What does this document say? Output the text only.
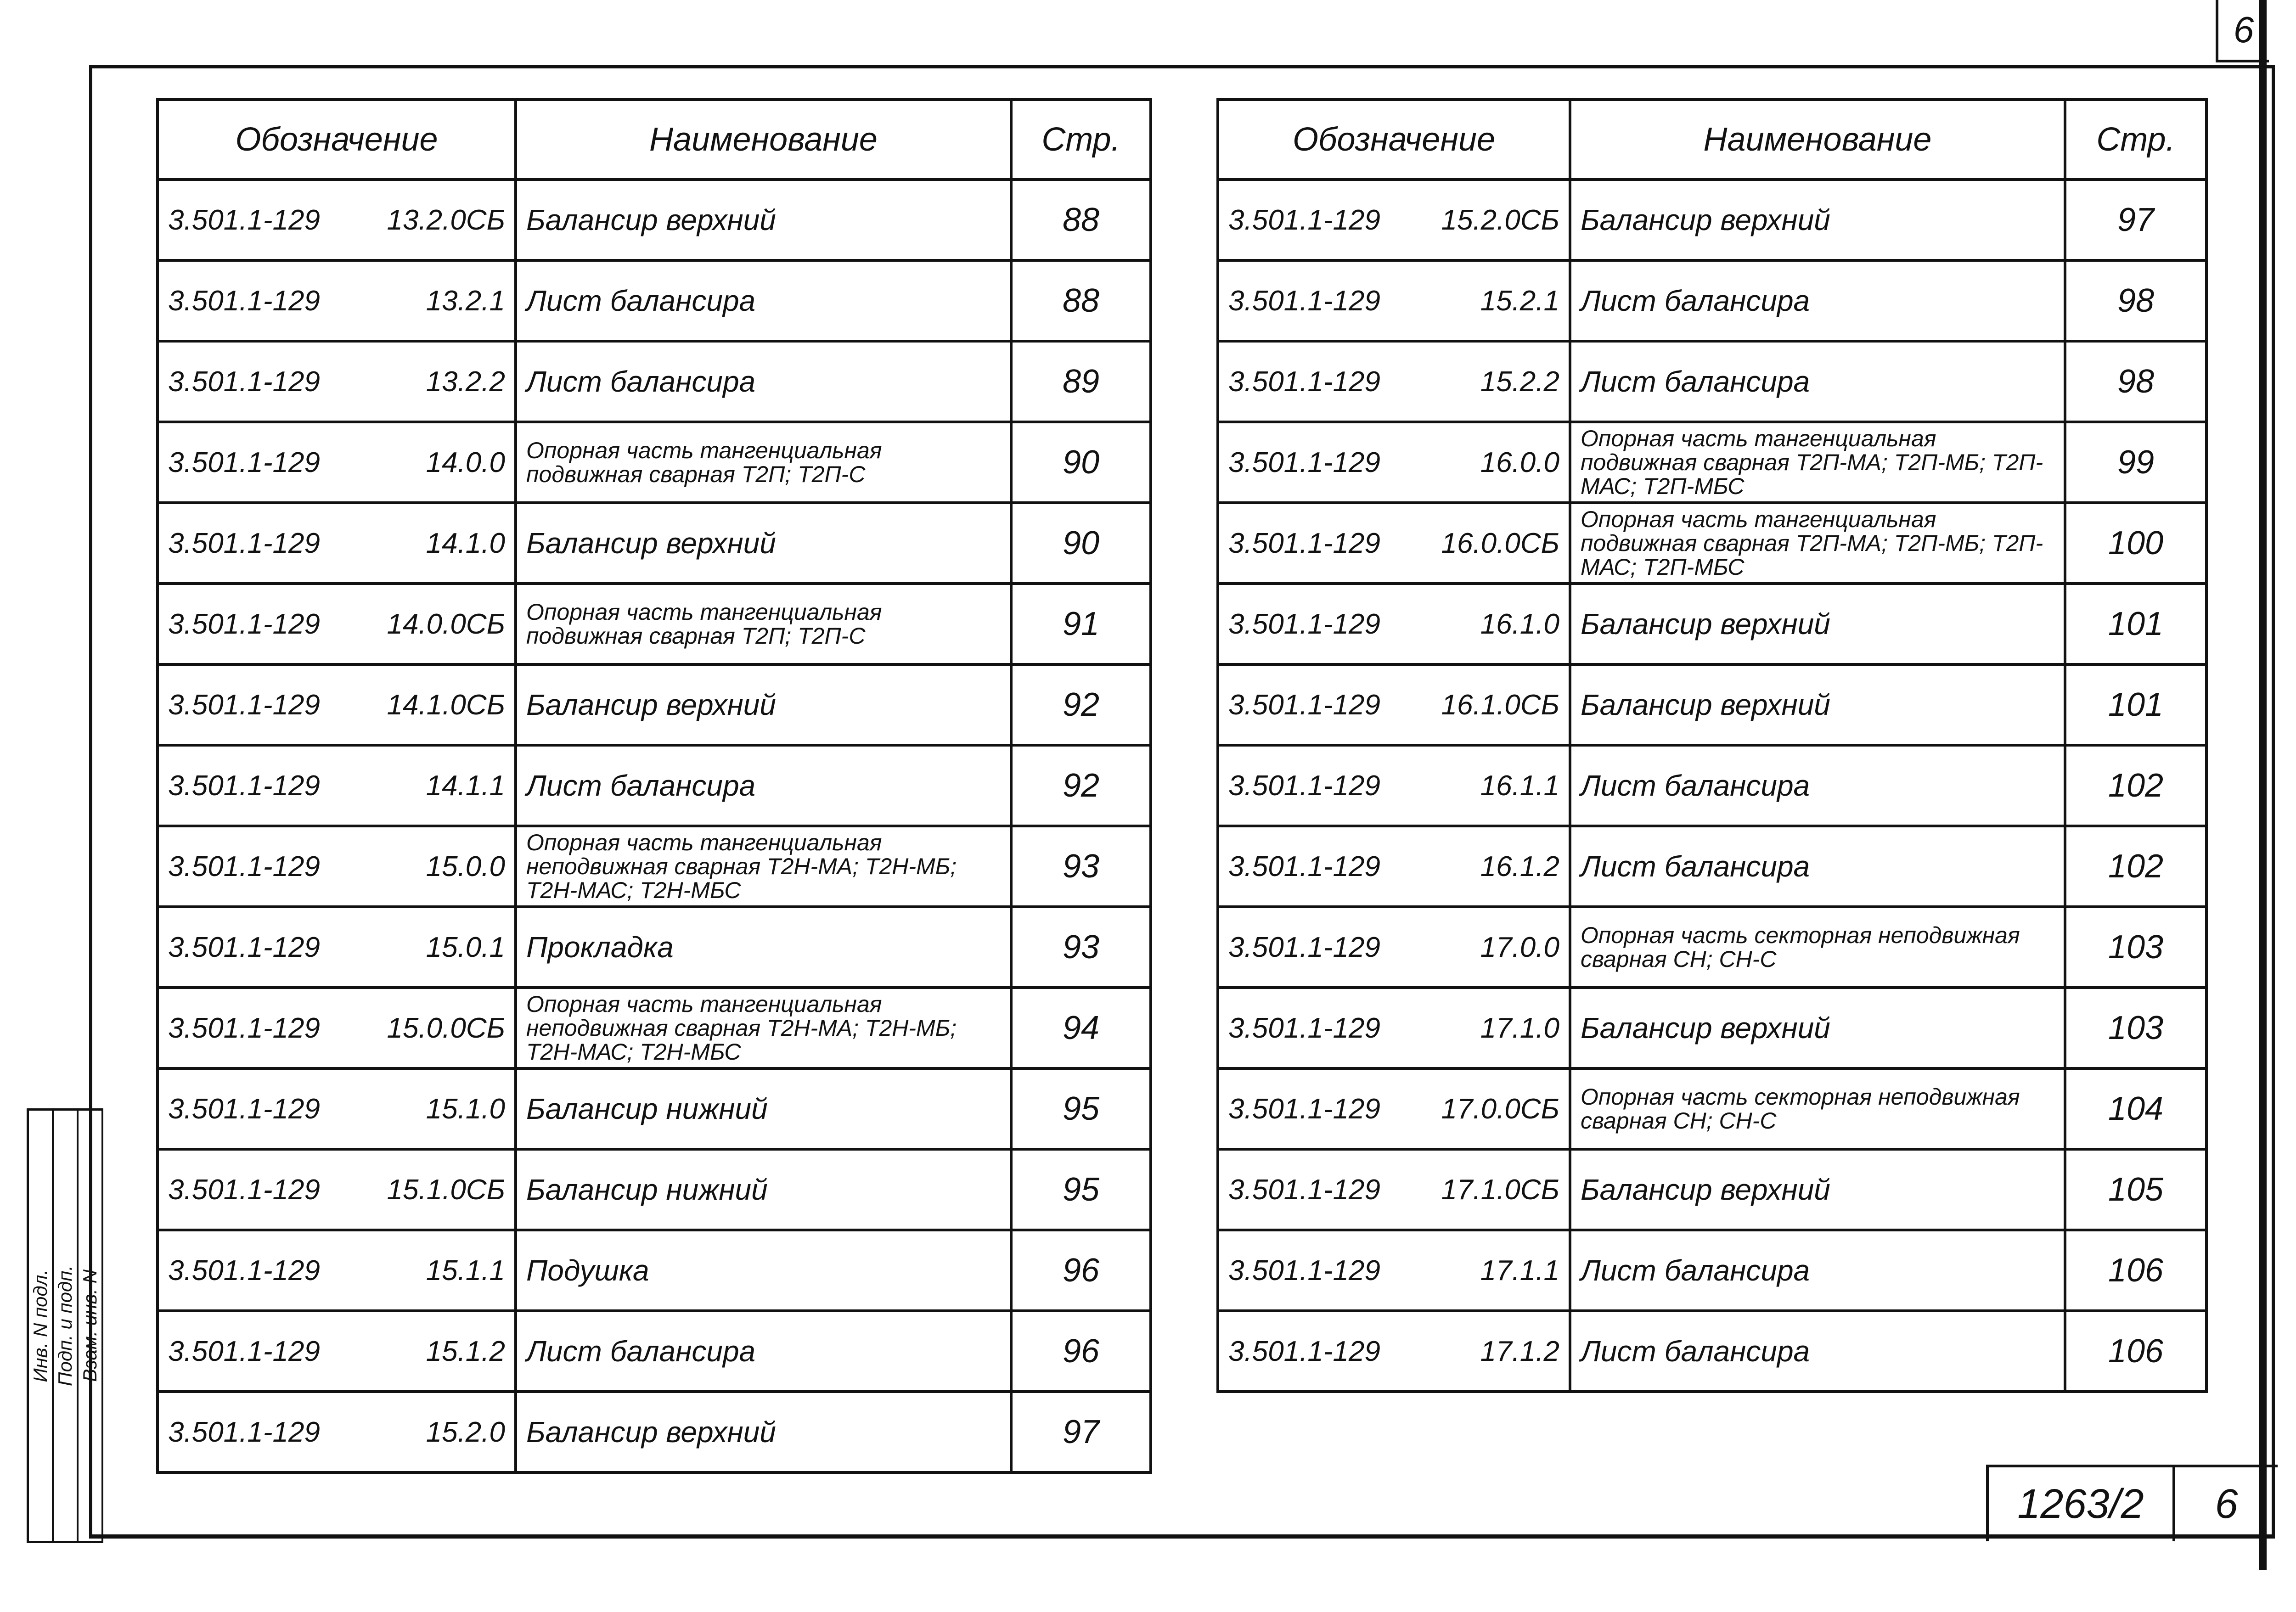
6
Обозначение	Наименование	Стр.
3.501.1-129 13.2.0СБ	Балансир верхний	88
3.501.1-129 13.2.1	Лист балансира	88
3.501.1-129 13.2.2	Лист балансира	89
3.501.1-129 14.0.0	Опорная часть тангенциальная подвижная сварная Т2П; Т2П-С	90
3.501.1-129 14.1.0	Балансир верхний	90
3.501.1-129 14.0.0СБ	Опорная часть тангенциальная подвижная сварная Т2П; Т2П-С	91
3.501.1-129 14.1.0СБ	Балансир верхний	92
3.501.1-129 14.1.1	Лист балансира	92
3.501.1-129 15.0.0	Опорная часть тангенциальная неподвижная сварная Т2Н-МА; Т2Н-МБ; Т2Н-МАС; Т2Н-МБС	93
3.501.1-129 15.0.1	Прокладка	93
3.501.1-129 15.0.0СБ	Опорная часть тангенциальная неподвижная сварная Т2Н-МА; Т2Н-МБ; Т2Н-МАС; Т2Н-МБС	94
3.501.1-129 15.1.0	Балансир нижний	95
3.501.1-129 15.1.0СБ	Балансир нижний	95
3.501.1-129 15.1.1	Подушка	96
3.501.1-129 15.1.2	Лист балансира	96
3.501.1-129 15.2.0	Балансир верхний	97
Обозначение	Наименование	Стр.
3.501.1-129 15.2.0СБ	Балансир верхний	97
3.501.1-129 15.2.1	Лист балансира	98
3.501.1-129 15.2.2	Лист балансира	98
3.501.1-129 16.0.0	Опорная часть тангенциальная подвижная сварная Т2П-МА; Т2П-МБ; Т2П-МАС; Т2П-МБС	99
3.501.1-129 16.0.0СБ	Опорная часть тангенциальная подвижная сварная Т2П-МА; Т2П-МБ; Т2П-МАС; Т2П-МБС	100
3.501.1-129 16.1.0	Балансир верхний	101
3.501.1-129 16.1.0СБ	Балансир верхний	101
3.501.1-129 16.1.1	Лист балансира	102
3.501.1-129 16.1.2	Лист балансира	102
3.501.1-129 17.0.0	Опорная часть секторная неподвижная сварная СН; СН-С	103
3.501.1-129 17.1.0	Балансир верхний	103
3.501.1-129 17.0.0СБ	Опорная часть секторная неподвижная сварная СН; СН-С	104
3.501.1-129 17.1.0СБ	Балансир верхний	105
3.501.1-129 17.1.1	Лист балансира	106
3.501.1-129 17.1.2	Лист балансира	106
1263/2	6
Инв. N подл. Подп. и подп. Взам. инв. N
